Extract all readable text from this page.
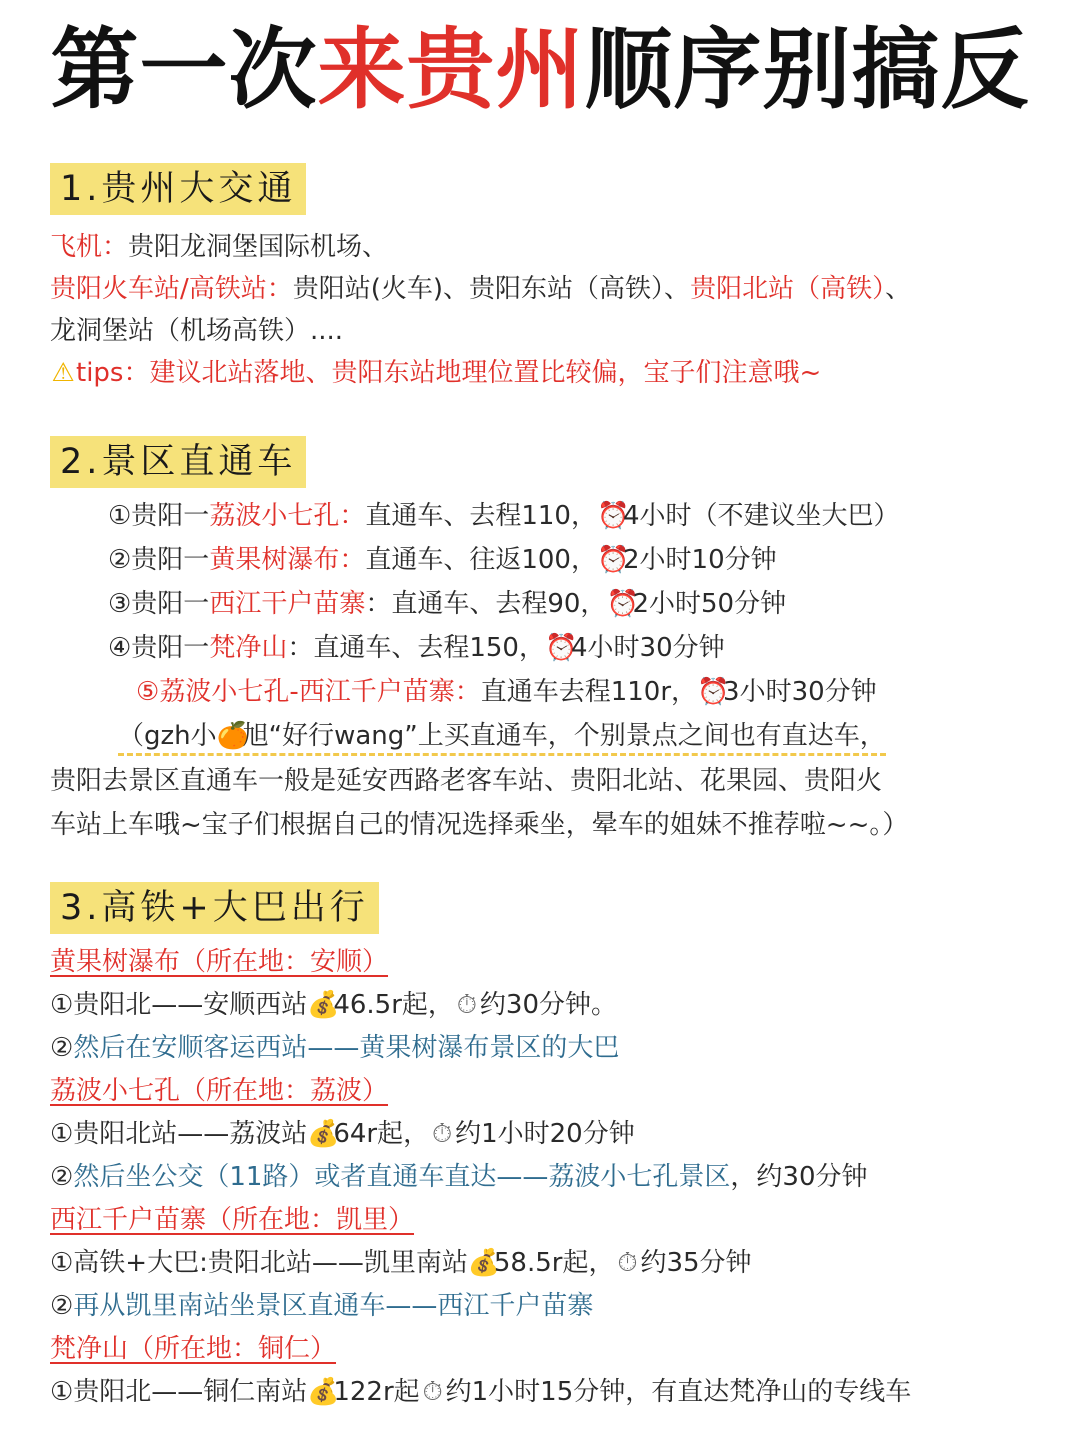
第一次来贵州顺序别搞反
1.贵州大交通
飞机：贵阳龙洞堡国际机场、
贵阳火车站/高铁站：贵阳站(火车)、贵阳东站（高铁）、贵阳北站（高铁）、
龙洞堡站（机场高铁）....
⚠tips：建议北站落地、贵阳东站地理位置比较偏，宝子们注意哦~
2.景区直通车
①贵阳一荔波小七孔：直通车、去程110，⏰4小时（不建议坐大巴）
②贵阳一黄果树瀑布：直通车、往返100，⏰2小时10分钟
③贵阳一西江干户苗寨：直通车、去程90，⏰2小时50分钟
④贵阳一梵净山：直通车、去程150，⏰4小时30分钟
⑤荔波小七孔-西江千户苗寨：直通车去程110r，⏰3小时30分钟
（gzh小🍊旭“好行wang”上买直通车，个别景点之间也有直达车，
贵阳去景区直通车一般是延安西路老客车站、贵阳北站、花果园、贵阳火
车站上车哦~宝子们根据自己的情况选择乘坐，晕车的姐妹不推荐啦~~。）
3.高铁+大巴出行
黄果树瀑布（所在地：安顺）
①贵阳北——安顺西站💰46.5r起， ⏱ 约30分钟。
②然后在安顺客运西站——黄果树瀑布景区的大巴
荔波小七孔（所在地：荔波）
①贵阳北站——荔波站💰64r起， ⏱ 约1小时20分钟
②然后坐公交（11路）或者直通车直达——荔波小七孔景区，约30分钟
西江千户苗寨（所在地：凯里）
①高铁+大巴:贵阳北站——凯里南站💰58.5r起， ⏱ 约35分钟
②再从凯里南站坐景区直通车——西江千户苗寨
梵净山（所在地：铜仁）
①贵阳北——铜仁南站💰122r起 ⏱ 约1小时15分钟，有直达梵净山的专线车
